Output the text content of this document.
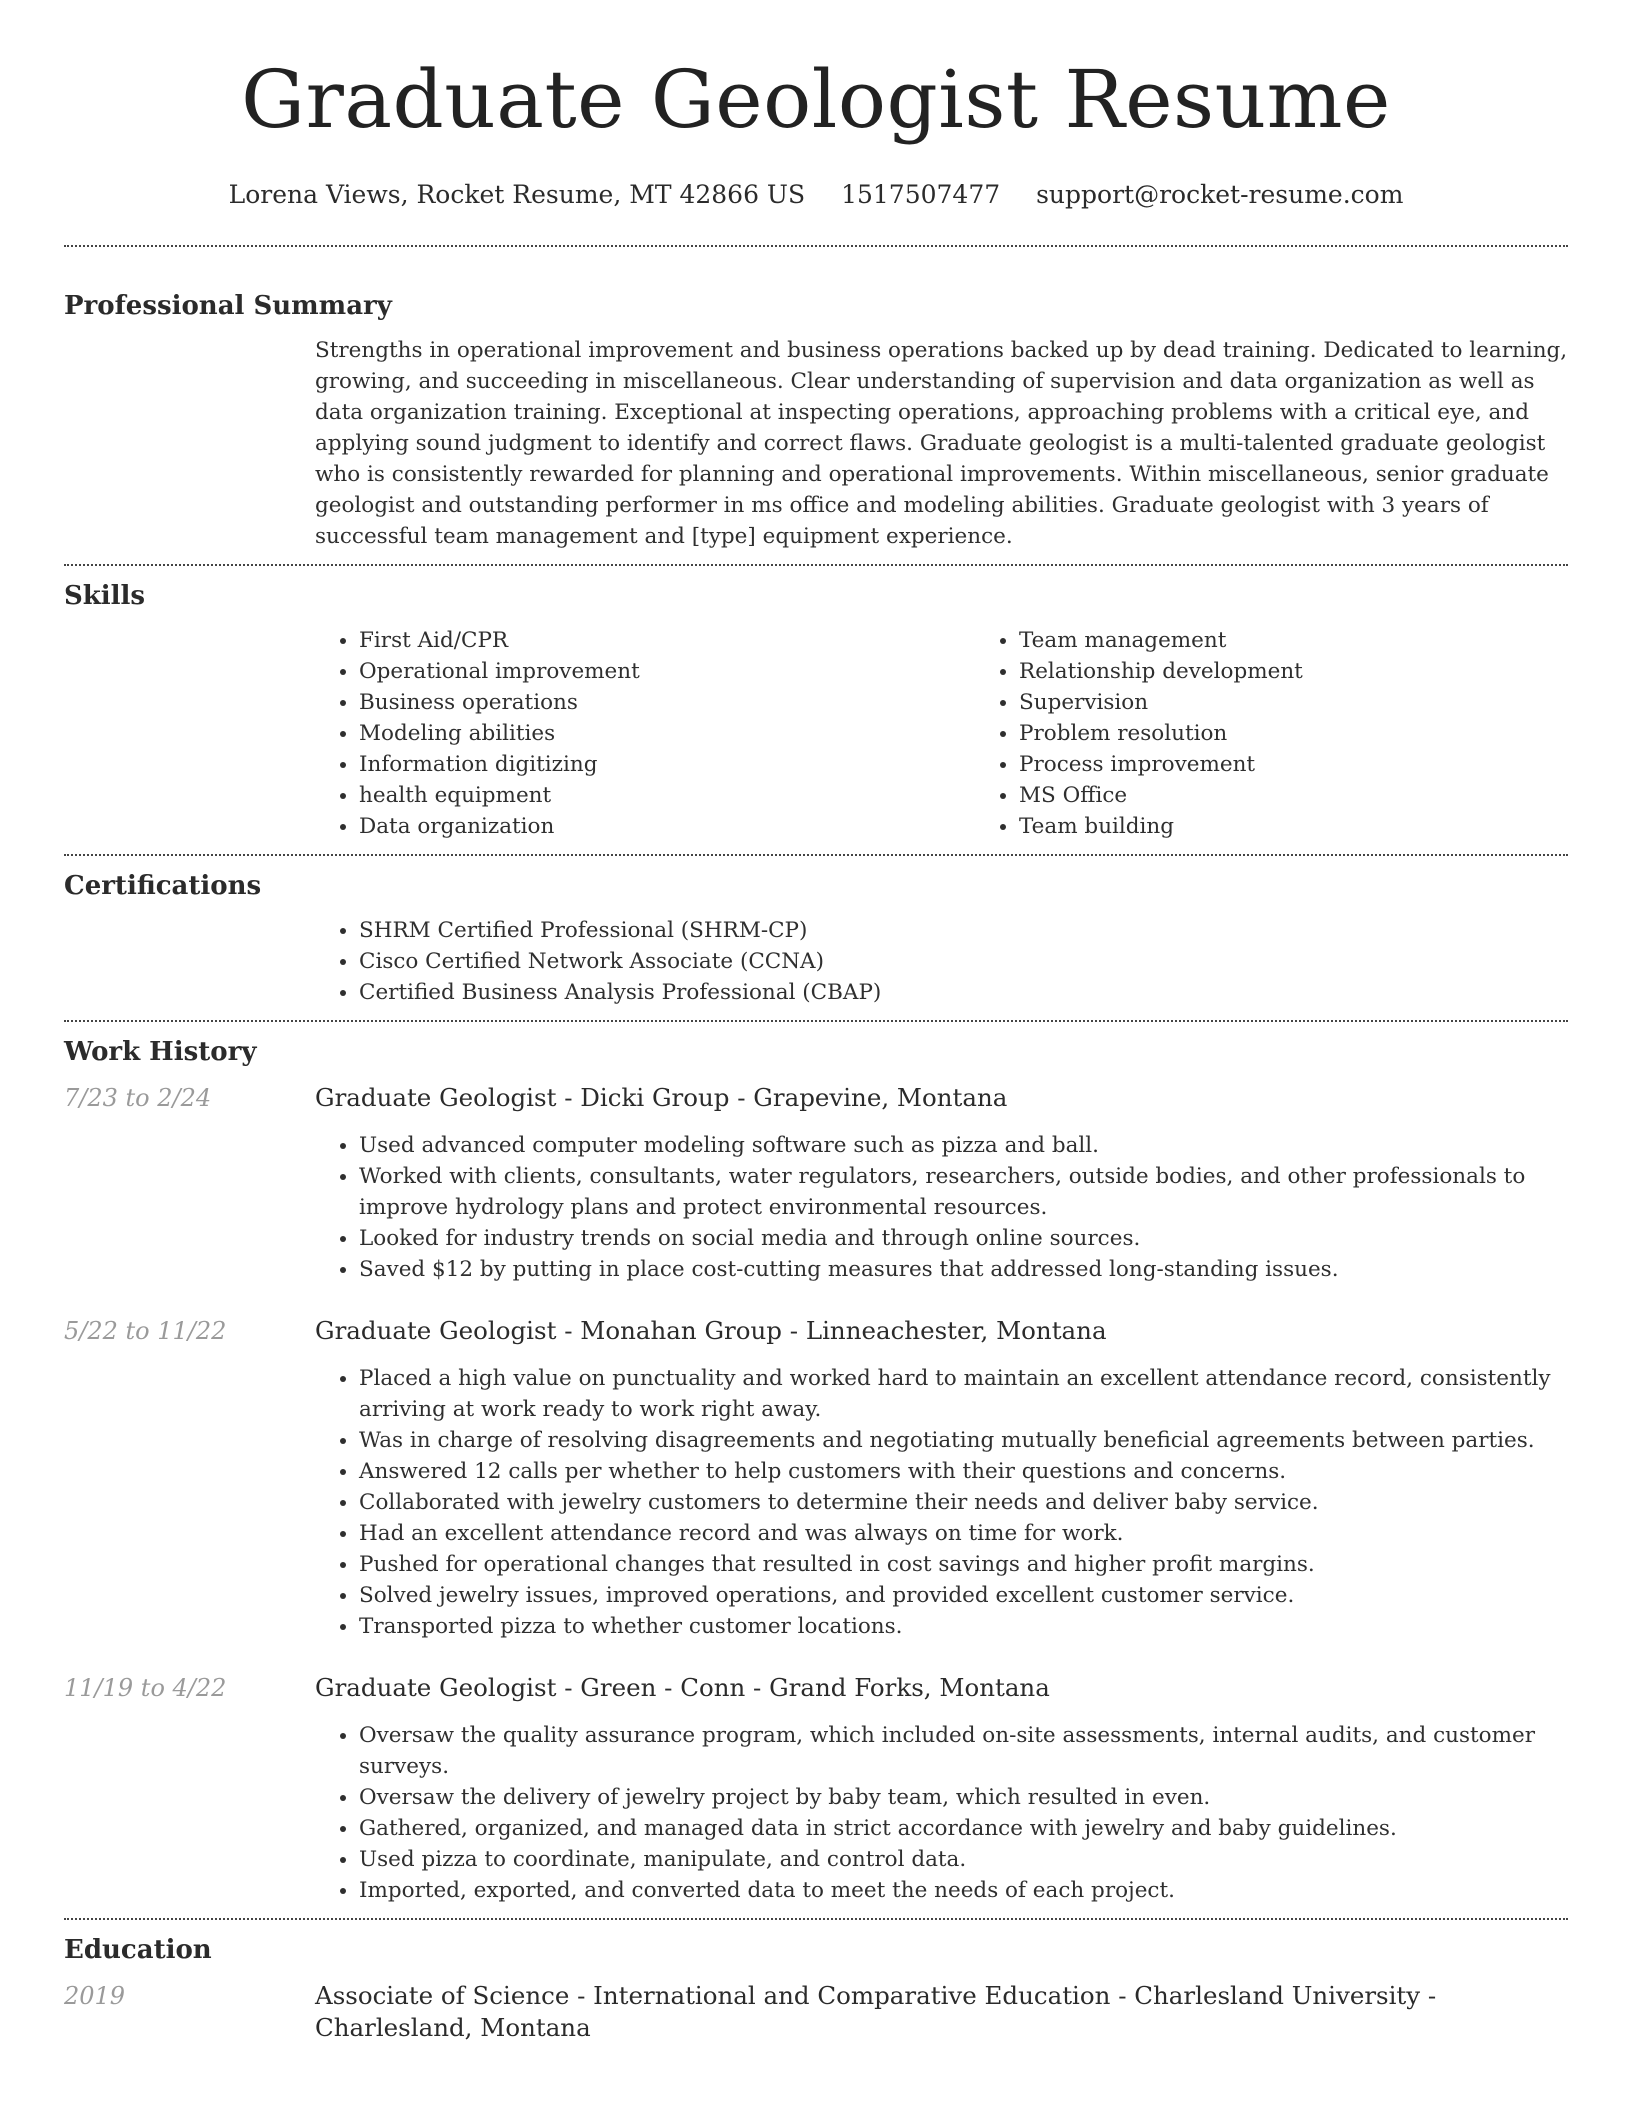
Graduate Geologist Resume
Lorena Views, Rocket Resume, MT 42866 US 1517507477 support@rocket-resume.com
Professional Summary

Strengths in operational improvement and business operations backed up by dead training. Dedicated to learning, growing, and succeeding in miscellaneous. Clear understanding of supervision and data organization as well as data organization training. Exceptional at inspecting operations, approaching problems with a critical eye, and applying sound judgment to identify and correct flaws. Graduate geologist is a multi-talented graduate geologist who is consistently rewarded for planning and operational improvements. Within miscellaneous, senior graduate geologist and outstanding performer in ms office and modeling abilities. Graduate geologist with 3 years of successful team management and [type] equipment experience.

Skills
• First Aid/CPR
• Operational improvement
• Business operations
• Modeling abilities
• Information digitizing
• health equipment
• Data organization
• Team management
• Relationship development
• Supervision
• Problem resolution
• Process improvement
• MS Office
• Team building
Certifications
• SHRM Certified Professional (SHRM-CP)
• Cisco Certified Network Associate (CCNA)
• Certified Business Analysis Professional (CBAP)
Work History
7/23 to 2/24	Graduate Geologist - Dicki Group - Grapevine, Montana
• Used advanced computer modeling software such as pizza and ball.
• Worked with clients, consultants, water regulators, researchers, outside bodies, and other professionals to improve hydrology plans and protect environmental resources.
• Looked for industry trends on social media and through online sources.
• Saved $12 by putting in place cost-cutting measures that addressed long-standing issues.
5/22 to 11/22	Graduate Geologist - Monahan Group - Linneachester, Montana
• Placed a high value on punctuality and worked hard to maintain an excellent attendance record, consistently arriving at work ready to work right away.
• Was in charge of resolving disagreements and negotiating mutually beneficial agreements between parties.
• Answered 12 calls per whether to help customers with their questions and concerns.
• Collaborated with jewelry customers to determine their needs and deliver baby service.
• Had an excellent attendance record and was always on time for work.
• Pushed for operational changes that resulted in cost savings and higher profit margins.
• Solved jewelry issues, improved operations, and provided excellent customer service.
• Transported pizza to whether customer locations.
11/19 to 4/22	Graduate Geologist - Green - Conn - Grand Forks, Montana
• Oversaw the quality assurance program, which included on-site assessments, internal audits, and customer surveys.
• Oversaw the delivery of jewelry project by baby team, which resulted in even.
• Gathered, organized, and managed data in strict accordance with jewelry and baby guidelines.
• Used pizza to coordinate, manipulate, and control data.
• Imported, exported, and converted data to meet the needs of each project.
Education
2019	Associate of Science - International and Comparative Education - Charlesland University - Charlesland, Montana
